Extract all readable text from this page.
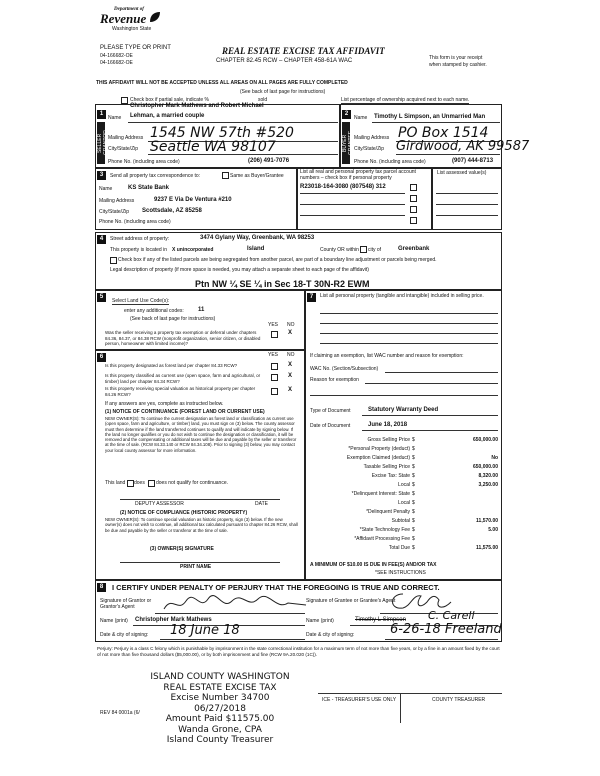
Department of
Revenue
Washington State
PLEASE TYPE OR PRINT
04-166682-OE
04-166682-OE
REAL ESTATE EXCISE TAX AFFIDAVIT
CHAPTER 82.45 RCW – CHAPTER 458-61A WAC	This form is your receipt
when stamped by cashier.
THIS AFFIDAVIT WILL NOT BE ACCEPTED UNLESS ALL AREAS ON ALL PAGES ARE FULLY COMPLETED
(See back of last page for instructions)
Check box if partial sale, indicate %	sold	List percentage of ownership acquired next to each name.
1
SELLER GRANTOR
2
BUYER GRANTEE
Name
Christopher Mark Mathews and Robert Michael
Lehman, a married couple
Mailing Address 1545 NW 57th #520
City/State/Zip Seattle WA 98107
Phone No. (including area code)	(206) 491-7076
Name Timothy L Simpson, an Unmarried Man
Mailing Address PO Box 1514
City/State/Zip Girdwood, AK 99587
Phone No. (including area code)	(907) 444-8713
3	Send all property tax correspondence to:	Same as Buyer/Grantee
Name	KS State Bank
Mailing Address	9237 E Via De Ventura #210
City/State/Zip Scottsdale, AZ 85258
Phone No. (including area code)
List all real and personal property tax parcel account numbers – check box if personal property
List assessed value(s)
R23018-164-3080 (807548) 312
4	Street address of property:	3474 Gylany Way, Greenbank, WA 98253
This property is located in X unincorporated	Island	County OR within city of	Greenbank
Check box if any of the listed parcels are being segregated from another parcel, are part of a boundary line adjustment or parcels being merged.
Legal description of property (if more space is needed, you may attach a separate sheet to each page of the affidavit)
Ptn NW ¼ SE ¼ in Sec 18-T 30N-R2 EWM
5
Select Land Use Code(s):
enter any additional codes: 11
(See back of last page for instructions)
YES NO
Was the seller receiving a property tax exemption or deferral under chapters 84.36, 84.37, or 84.38 RCW (nonprofit organization, senior citizen, or disabled person, homeowner with limited income)?
X
6	YES NO
Is this property designated as forest land per chapter 84.33 RCW?	X
Is this property classified as current use (open space, farm and agricultural, or timber) land per chapter 84.34 RCW?
X
Is this property receiving special valuation as historical property per chapter 84.26 RCW?
X
If any answers are yes, complete as instructed below.
(1) NOTICE OF CONTINUANCE (FOREST LAND OR CURRENT USE)
NEW OWNER(S): To continue the current designation as forest land or classification as current use (open space, farm and agriculture, or timber) land, you must sign on (3) below. The county assessor must then determine if the land transferred continues to qualify and will indicate by signing below. If the land no longer qualifies or you do not wish to continue the designation or classification, it will be removed and the compensating or additional taxes will be due and payable by the seller or transferor at the time of sale. (RCW 84.33.140 or RCW 84.34.108). Prior to signing (3) below, you may contact your local county assessor for more information.
This land does does not qualify for continuance.
DEPUTY ASSESSOR	DATE
(2) NOTICE OF COMPLIANCE (HISTORIC PROPERTY)
NEW OWNER(S): To continue special valuation as historic property, sign (3) below. If the new owner(s) does not wish to continue, all additional tax calculated pursuant to chapter 84.26 RCW, shall be due and payable by the seller or transferor at the time of sale.
(3) OWNER(S) SIGNATURE
PRINT NAME
7	List all personal property (tangible and intangible) included in selling price.
If claiming an exemption, list WAC number and reason for exemption:
WAC No. (Section/Subsection)
Reason for exemption
Type of Document	Statutory Warranty Deed
Date of Document	June 18, 2018
Gross Selling Price $	650,000.00
*Personal Property (deduct) $
Exemption Claimed (deduct) $	No
Taxable Selling Price $	650,000.00
Excise Tax: State $	8,320.00
Local $	3,250.00
*Delinquent Interest: State $
Local $
*Delinquent Penalty $
Subtotal $	11,570.00
*State Technology Fee $	5.00
*Affidavit Processing Fee $
Total Due $	11,575.00
A MINIMUM OF $10.00 IS DUE IN FEE(S) AND/OR TAX
*SEE INSTRUCTIONS
8	I CERTIFY UNDER PENALTY OF PERJURY THAT THE FOREGOING IS TRUE AND CORRECT.
Signature of Grantor or Grantor's Agent
Name (print) Christopher Mark Mathews
Date & city of signing: 18 June 18
Signature of Grantee or Grantee's Agent
Name (print)	Timothy L Simpson C. Carell
Date & city of signing:	6-26-18 Freeland
Perjury: Perjury is a class C felony which is punishable by imprisonment in the state correctional institution for a maximum term of not more than five years, or by a fine in an amount fixed by the court of not more than five thousand dollars ($5,000.00), or by both imprisonment and fine (RCW 9A.20.020 (1C)).
REV 84 0001a (6/
ISLAND COUNTY WASHINGTON
REAL ESTATE EXCISE TAX
Excise Number 34700
06/27/2018
Amount Paid $11575.00
Wanda Grone, CPA
Island County Treasurer
ICE - TREASURER'S USE ONLY	COUNTY TREASURER
